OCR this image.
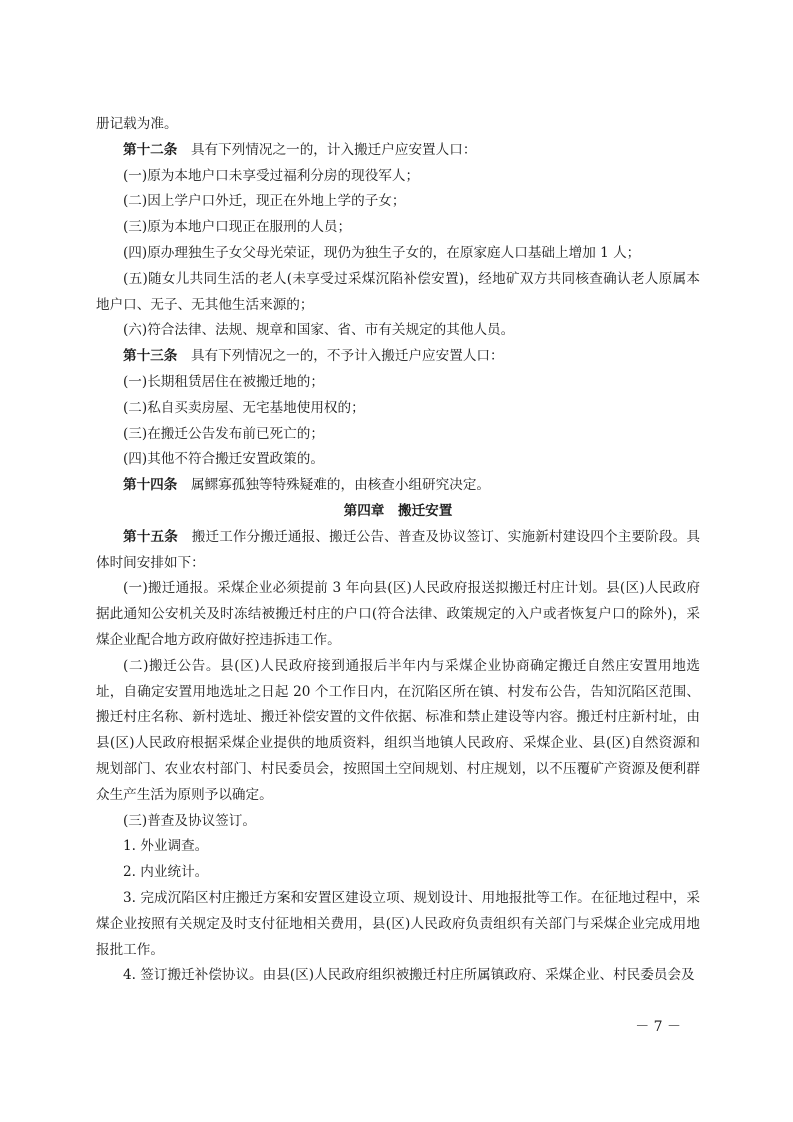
册记载为准。

第十二条　具有下列情况之一的，计入搬迁户应安置人口：

(一)原为本地户口未享受过福利分房的现役军人；

(二)因上学户口外迁，现正在外地上学的子女；

(三)原为本地户口现正在服刑的人员；

(四)原办理独生子女父母光荣证，现仍为独生子女的，在原家庭人口基础上增加 1 人；

(五)随女儿共同生活的老人(未享受过采煤沉陷补偿安置)，经地矿双方共同核查确认老人原属本地户口、无子、无其他生活来源的；

(六)符合法律、法规、规章和国家、省、市有关规定的其他人员。

第十三条　具有下列情况之一的，不予计入搬迁户应安置人口：

(一)长期租赁居住在被搬迁地的；

(二)私自买卖房屋、无宅基地使用权的；

(三)在搬迁公告发布前已死亡的；

(四)其他不符合搬迁安置政策的。

第十四条　属鳏寡孤独等特殊疑难的，由核查小组研究决定。

第四章　搬迁安置

第十五条　搬迁工作分搬迁通报、搬迁公告、普查及协议签订、实施新村建设四个主要阶段。具体时间安排如下：

(一)搬迁通报。采煤企业必须提前 3 年向县(区)人民政府报送拟搬迁村庄计划。县(区)人民政府据此通知公安机关及时冻结被搬迁村庄的户口(符合法律、政策规定的入户或者恢复户口的除外)，采煤企业配合地方政府做好控违拆违工作。

(二)搬迁公告。县(区)人民政府接到通报后半年内与采煤企业协商确定搬迁自然庄安置用地选址，自确定安置用地选址之日起 20 个工作日内，在沉陷区所在镇、村发布公告，告知沉陷区范围、搬迁村庄名称、新村选址、搬迁补偿安置的文件依据、标准和禁止建设等内容。搬迁村庄新村址，由县(区)人民政府根据采煤企业提供的地质资料，组织当地镇人民政府、采煤企业、县(区)自然资源和规划部门、农业农村部门、村民委员会，按照国土空间规划、村庄规划，以不压覆矿产资源及便利群众生产生活为原则予以确定。

(三)普查及协议签订。

1. 外业调查。

2. 内业统计。

3. 完成沉陷区村庄搬迁方案和安置区建设立项、规划设计、用地报批等工作。在征地过程中，采煤企业按照有关规定及时支付征地相关费用，县(区)人民政府负责组织有关部门与采煤企业完成用地报批工作。

4. 签订搬迁补偿协议。由县(区)人民政府组织被搬迁村庄所属镇政府、采煤企业、村民委员会及

－ 7 －
